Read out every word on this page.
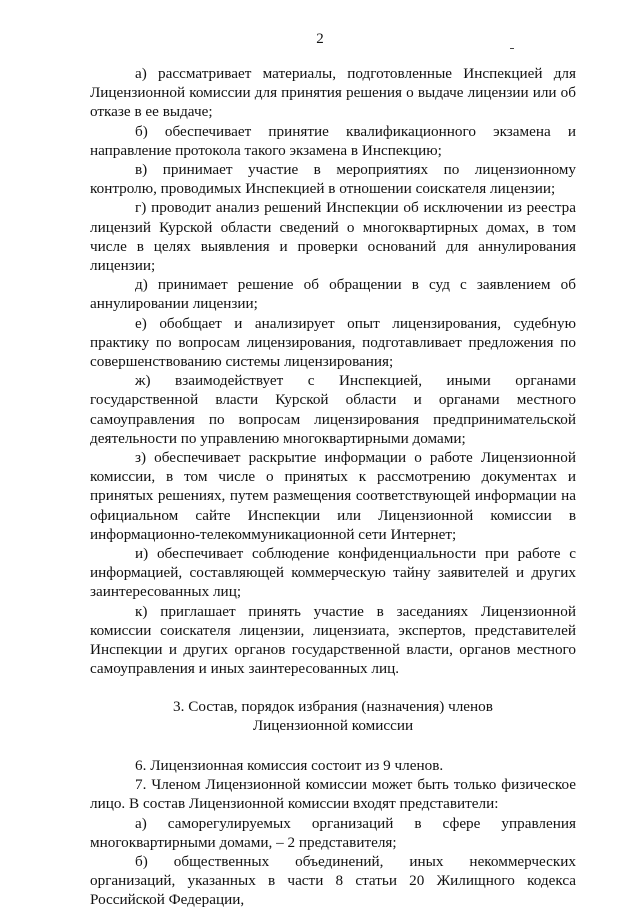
2

а) рассматривает материалы, подготовленные Инспекцией для Лицензионной комиссии для принятия решения о выдаче лицензии или об отказе в ее выдаче;

б) обеспечивает принятие квалификационного экзамена и направление протокола такого экзамена в Инспекцию;

в) принимает участие в мероприятиях по лицензионному контролю, проводимых Инспекцией в отношении соискателя лицензии;

г) проводит анализ решений Инспекции об исключении из реестра лицензий Курской области сведений о многоквартирных домах, в том числе в целях выявления и проверки оснований для аннулирования лицензии;

д) принимает решение об обращении в суд с заявлением об аннулировании лицензии;

е) обобщает и анализирует опыт лицензирования, судебную практику по вопросам лицензирования, подготавливает предложения по совершенствованию системы лицензирования;

ж) взаимодействует с Инспекцией, иными органами государственной власти Курской области и органами местного самоуправления по вопросам лицензирования предпринимательской деятельности по управлению многоквартирными домами;

з) обеспечивает раскрытие информации о работе Лицензионной комиссии, в том числе о принятых к рассмотрению документах и принятых решениях, путем размещения соответствующей информации на официальном сайте Инспекции или Лицензионной комиссии в информационно-телекоммуникационной сети Интернет;

и) обеспечивает соблюдение конфиденциальности при работе с информацией, составляющей коммерческую тайну заявителей и других заинтересованных лиц;

к) приглашает принять участие в заседаниях Лицензионной комиссии соискателя лицензии, лицензиата, экспертов, представителей Инспекции и других органов государственной власти, органов местного самоуправления и иных заинтересованных лиц.

3. Состав, порядок избрания (назначения) членов
Лицензионной комиссии

6. Лицензионная комиссия состоит из 9 членов.

7. Членом Лицензионной комиссии может быть только физическое лицо. В состав Лицензионной комиссии входят представители:

а) саморегулируемых организаций в сфере управления многоквартирными домами, – 2 представителя;

б) общественных объединений, иных некоммерческих организаций, указанных в части 8 статьи 20 Жилищного кодекса Российской Федерации,
